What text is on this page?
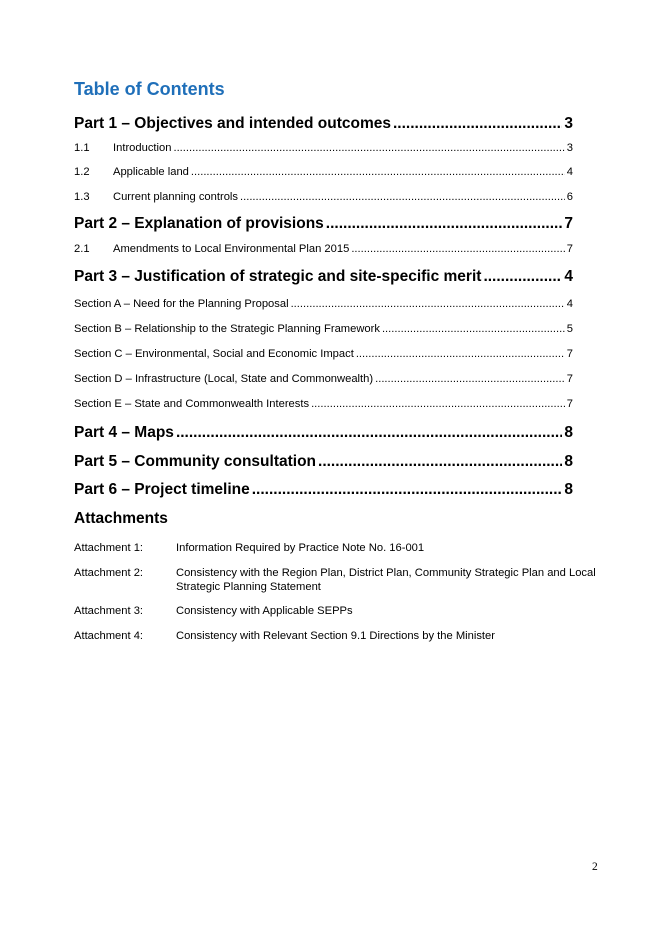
Table of Contents
Part 1 – Objectives and intended outcomes .....	3
1.1	Introduction .....	3
1.2	Applicable land .....	4
1.3	Current planning controls .....	6
Part 2 – Explanation of provisions .....	7
2.1	Amendments to Local Environmental Plan 2015 .....	7
Part 3 – Justification of strategic and site-specific merit .....	4
Section A – Need for the Planning Proposal .....	4
Section B – Relationship to the Strategic Planning Framework .....	5
Section C – Environmental, Social and Economic Impact .....	7
Section D – Infrastructure (Local, State and Commonwealth) .....	7
Section E – State and Commonwealth Interests .....	7
Part 4 – Maps .....	8
Part 5 – Community consultation .....	8
Part 6 – Project timeline .....	8
Attachments
Attachment 1:	Information Required by Practice Note No. 16-001
Attachment 2:	Consistency with the Region Plan, District Plan, Community Strategic Plan and Local Strategic Planning Statement
Attachment 3:	Consistency with Applicable SEPPs
Attachment 4:	Consistency with Relevant Section 9.1 Directions by the Minister
2
